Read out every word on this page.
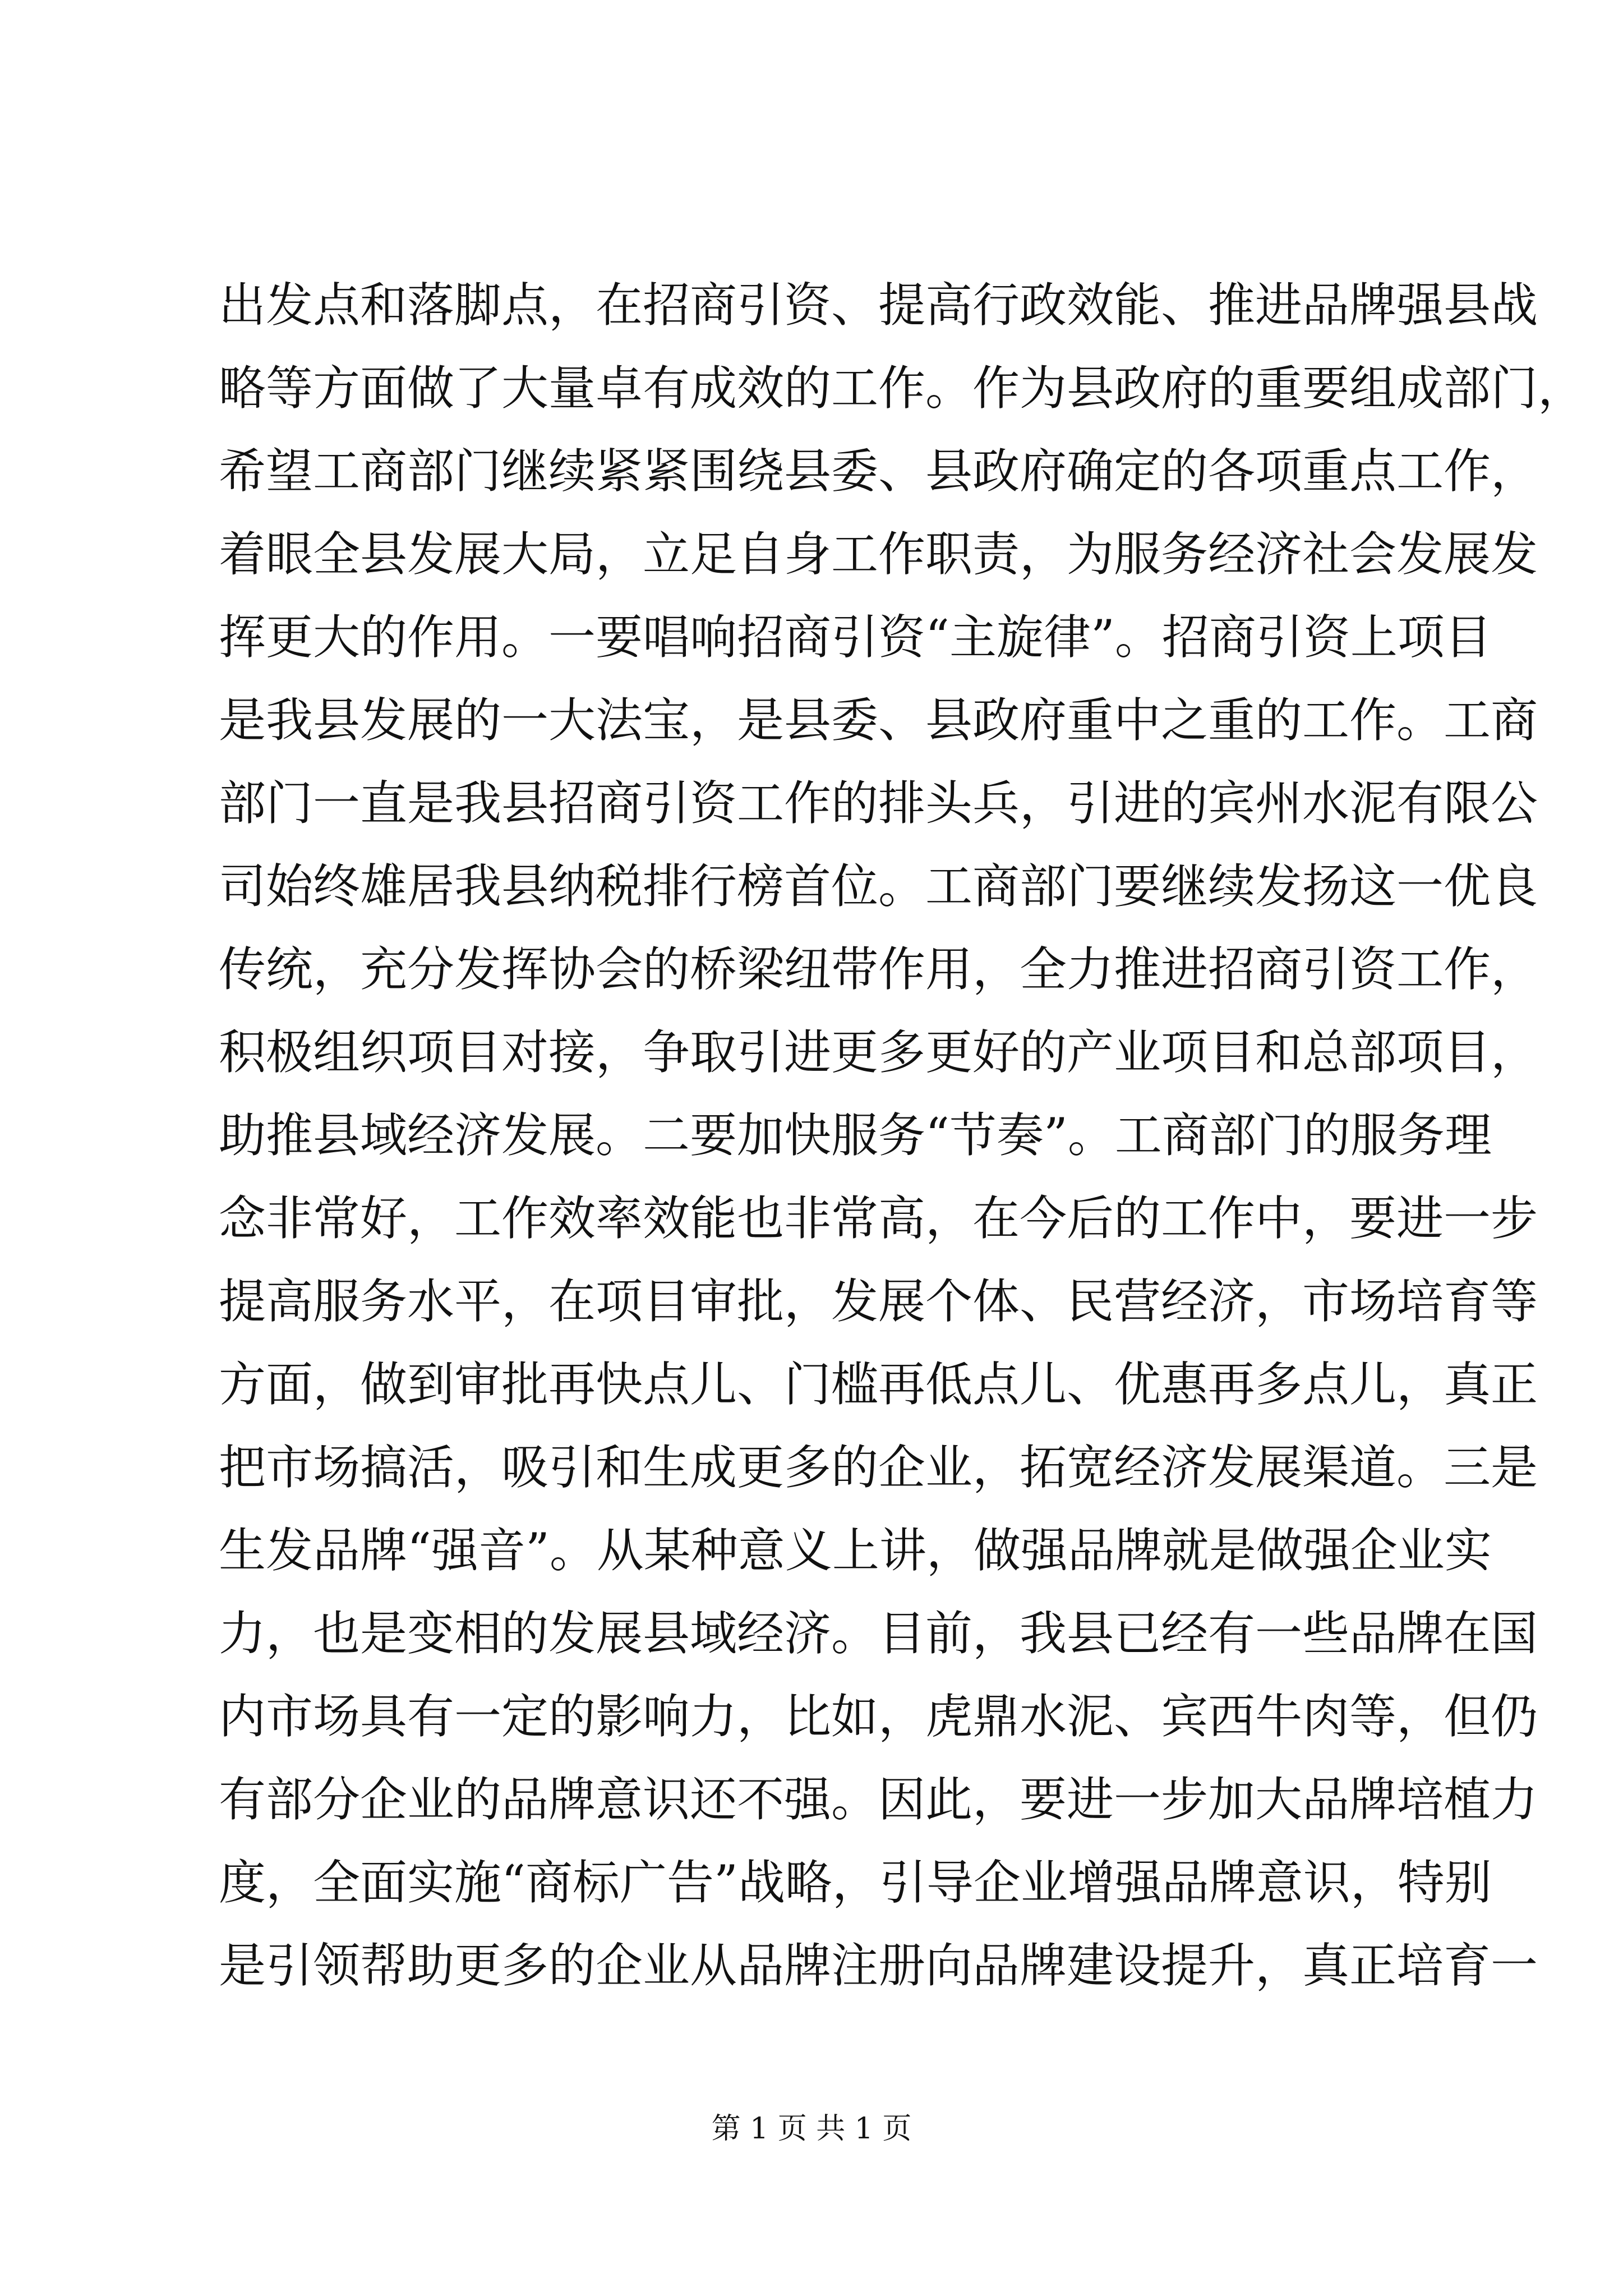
出发点和落脚点，在招商引资、提高行政效能、推进品牌强县战
略等方面做了大量卓有成效的工作。作为县政府的重要组成部门，
希望工商部门继续紧紧围绕县委、县政府确定的各项重点工作，
着眼全县发展大局，立足自身工作职责，为服务经济社会发展发
挥更大的作用。一要唱响招商引资“主旋律”。招商引资上项目
是我县发展的一大法宝，是县委、县政府重中之重的工作。工商
部门一直是我县招商引资工作的排头兵，引进的宾州水泥有限公
司始终雄居我县纳税排行榜首位。工商部门要继续发扬这一优良
传统，充分发挥协会的桥梁纽带作用，全力推进招商引资工作，
积极组织项目对接，争取引进更多更好的产业项目和总部项目，
助推县域经济发展。二要加快服务“节奏”。工商部门的服务理
念非常好，工作效率效能也非常高，在今后的工作中，要进一步
提高服务水平，在项目审批，发展个体、民营经济，市场培育等
方面，做到审批再快点儿、门槛再低点儿、优惠再多点儿，真正
把市场搞活，吸引和生成更多的企业，拓宽经济发展渠道。三是
生发品牌“强音”。从某种意义上讲，做强品牌就是做强企业实
力，也是变相的发展县域经济。目前，我县已经有一些品牌在国
内市场具有一定的影响力，比如，虎鼎水泥、宾西牛肉等，但仍
有部分企业的品牌意识还不强。因此，要进一步加大品牌培植力
度，全面实施“商标广告”战略，引导企业增强品牌意识，特别
是引领帮助更多的企业从品牌注册向品牌建设提升，真正培育一
第 1 页 共 1 页
